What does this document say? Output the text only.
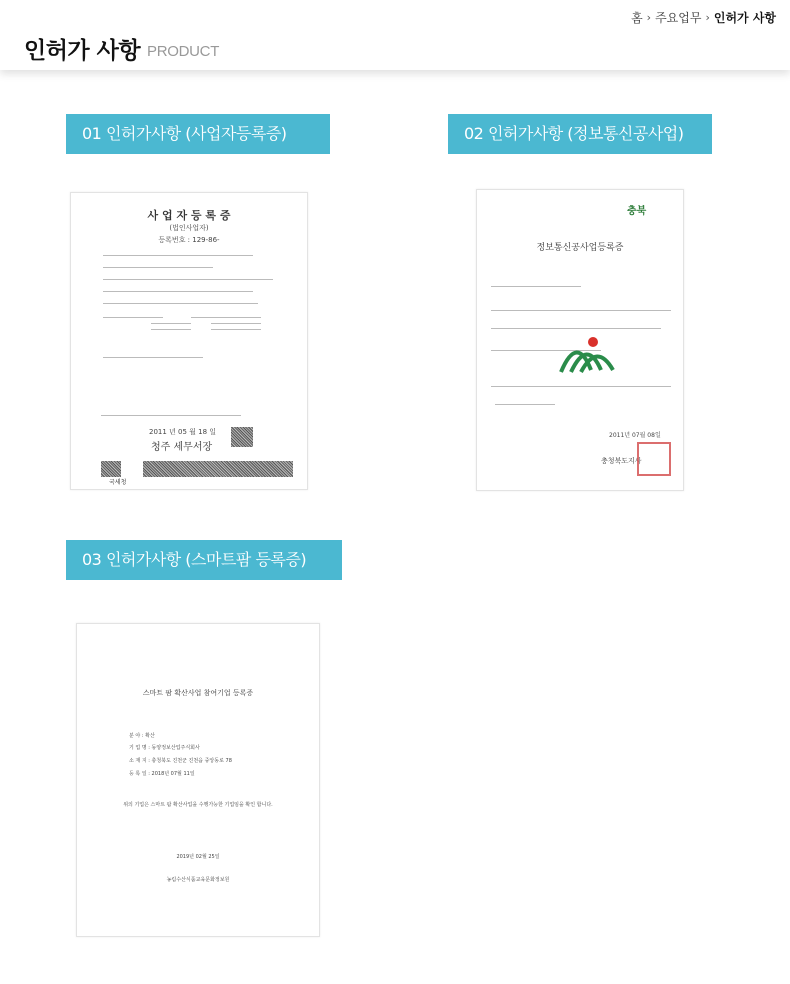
홈 › 주요업무 › 인허가 사항
인허가 사항 PRODUCT
01 인허가사항 (사업자등록증)
사 업 자 등 록 증
(법인사업자)
등록번호 : 129-86-
2011 년 05 월 18 일
청주 세무서장
국세청
02 인허가사항 (정보통신공사업)
충북
정보통신공사업등록증
2011년 07월 08일
충청북도지사
03 인허가사항 (스마트팜 등록증)
스마트 팜 확산사업 참여기업 등록증
분 야 : 확산
기 업 명 : 동양정보산업주식회사
소 재 지 : 충청북도 진천군 진천읍 중앙동로 78
등 록 일 : 2018년 07월 11일
위의 기업은 스마트 팜 확산사업을 수행가능한 기업임을 확인 합니다.
2019년 02월 25일
농림수산식품교육문화정보원
